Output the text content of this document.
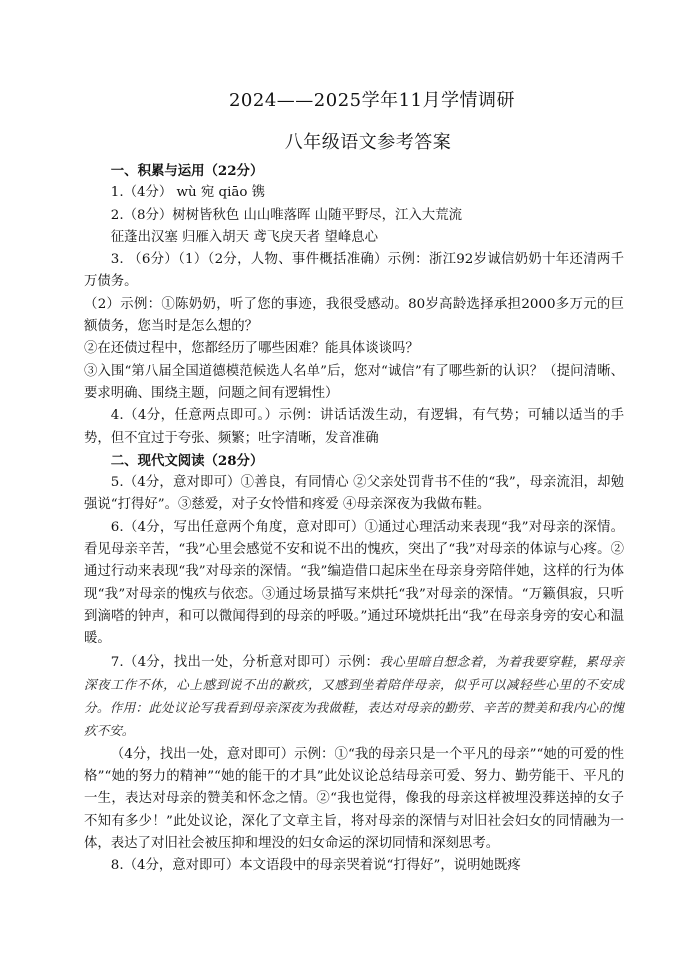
2024——2025学年11月学情调研
八年级语文参考答案

一、积累与运用（22分）

1.（4分） wù 宛 qiāo 镌

2.（8分）树树皆秋色 山山唯落晖 山随平野尽，江入大荒流

征蓬出汉塞 归雁入胡天 鸢飞戾天者 望峰息心

3. （6分）（1）（2分，人物、事件概括准确）示例：浙江92岁诚信奶奶十年还清两千万债务。

（2）示例：①陈奶奶，听了您的事迹，我很受感动。80岁高龄选择承担2000多万元的巨额债务，您当时是怎么想的？

②在还债过程中，您都经历了哪些困难？能具体谈谈吗？

③入围“第八届全国道德模范候选人名单”后，您对“诚信”有了哪些新的认识？（提问清晰、要求明确、围绕主题，问题之间有逻辑性）

4.（4分，任意两点即可。）示例：讲话话泼生动，有逻辑，有气势；可辅以适当的手势，但不宜过于夸张、频繁；吐字清晰，发音准确

二、现代文阅读（28分）

5.（4分，意对即可）①善良，有同情心 ②父亲处罚背书不佳的“我”，母亲流泪，却勉强说“打得好”。③慈爱，对子女怜惜和疼爱 ④母亲深夜为我做布鞋。

6.（4分，写出任意两个角度，意对即可）①通过心理活动来表现“我”对母亲的深情。看见母亲辛苦，“我”心里会感觉不安和说不出的愧疚，突出了“我”对母亲的体谅与心疼。②通过行动来表现“我”对母亲的深情。“我”编造借口起床坐在母亲身旁陪伴她，这样的行为体现“我”对母亲的愧疚与依恋。③通过场景描写来烘托“我”对母亲的深情。“万籁俱寂，只听到滴嗒的钟声，和可以微闻得到的母亲的呼吸。”通过环境烘托出“我”在母亲身旁的安心和温暖。

7.（4分，找出一处，分析意对即可）示例：我心里暗自想念着，为着我要穿鞋，累母亲深夜工作不休，心上感到说不出的歉疚，又感到坐着陪伴母亲，似乎可以减轻些心里的不安成分。作用：此处议论写我看到母亲深夜为我做鞋，表达对母亲的勤劳、辛苦的赞美和我内心的愧疚不安。

（4分，找出一处，意对即可）示例：①“我的母亲只是一个平凡的母亲”“她的可爱的性格”“她的努力的精神”“她的能干的才具”此处议论总结母亲可爱、努力、勤劳能干、平凡的一生，表达对母亲的赞美和怀念之情。②“我也觉得，像我的母亲这样被埋没葬送掉的女子不知有多少！”此处议论，深化了文章主旨，将对母亲的深情与对旧社会妇女的同情融为一体，表达了对旧社会被压抑和埋没的妇女命运的深切同情和深刻思考。

8.（4分，意对即可）本文语段中的母亲哭着说“打得好”，说明她既疼
